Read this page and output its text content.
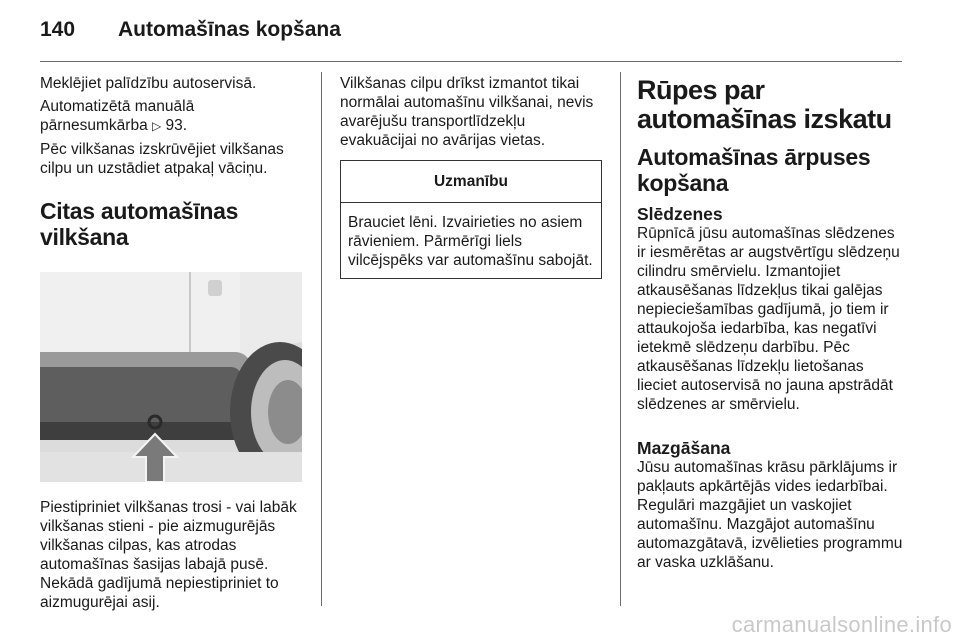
140 Automašīnas kopšana

Meklējiet palīdzību autoservisā.

Automatizētā manuālā pārnesumkārba ▷ 93.

Pēc vilkšanas izskrūvējiet vilkšanas cilpu un uzstādiet atpakaļ vāciņu.

Citas automašīnas vilkšana

Piestipriniet vilkšanas trosi - vai labāk vilkšanas stieni - pie aizmugurējās vilkšanas cilpas, kas atrodas automašīnas šasijas labajā pusē. Nekādā gadījumā nepiestipriniet to aizmugurējai asij.

Vilkšanas cilpu drīkst izmantot tikai normālai automašīnu vilkšanai, nevis avarējušu transportlīdzekļu evakuācijai no avārijas vietas.

Uzmanību
Brauciet lēni. Izvairieties no asiem rāvieniem. Pārmērīgi liels vilcējspēks var automašīnu sabojāt.
Rūpes par automašīnas izskatu
Automašīnas ārpuses kopšana
Slēdzenes

Rūpnīcā jūsu automašīnas slēdzenes ir iesmērētas ar augstvērtīgu slēdzeņu cilindru smērvielu. Izmantojiet atkausēšanas līdzekļus tikai galējas nepieciešamības gadījumā, jo tiem ir attaukojoša iedarbība, kas negatīvi ietekmē slēdzeņu darbību. Pēc atkausēšanas līdzekļu lietošanas lieciet autoservisā no jauna apstrādāt slēdzenes ar smērvielu.

Mazgāšana

Jūsu automašīnas krāsu pārklājums ir pakļauts apkārtējās vides iedarbībai. Regulāri mazgājiet un vaskojiet automašīnu. Mazgājot automašīnu automazgātavā, izvēlieties programmu ar vaska uzklāšanu.

carmanualsonline.info
